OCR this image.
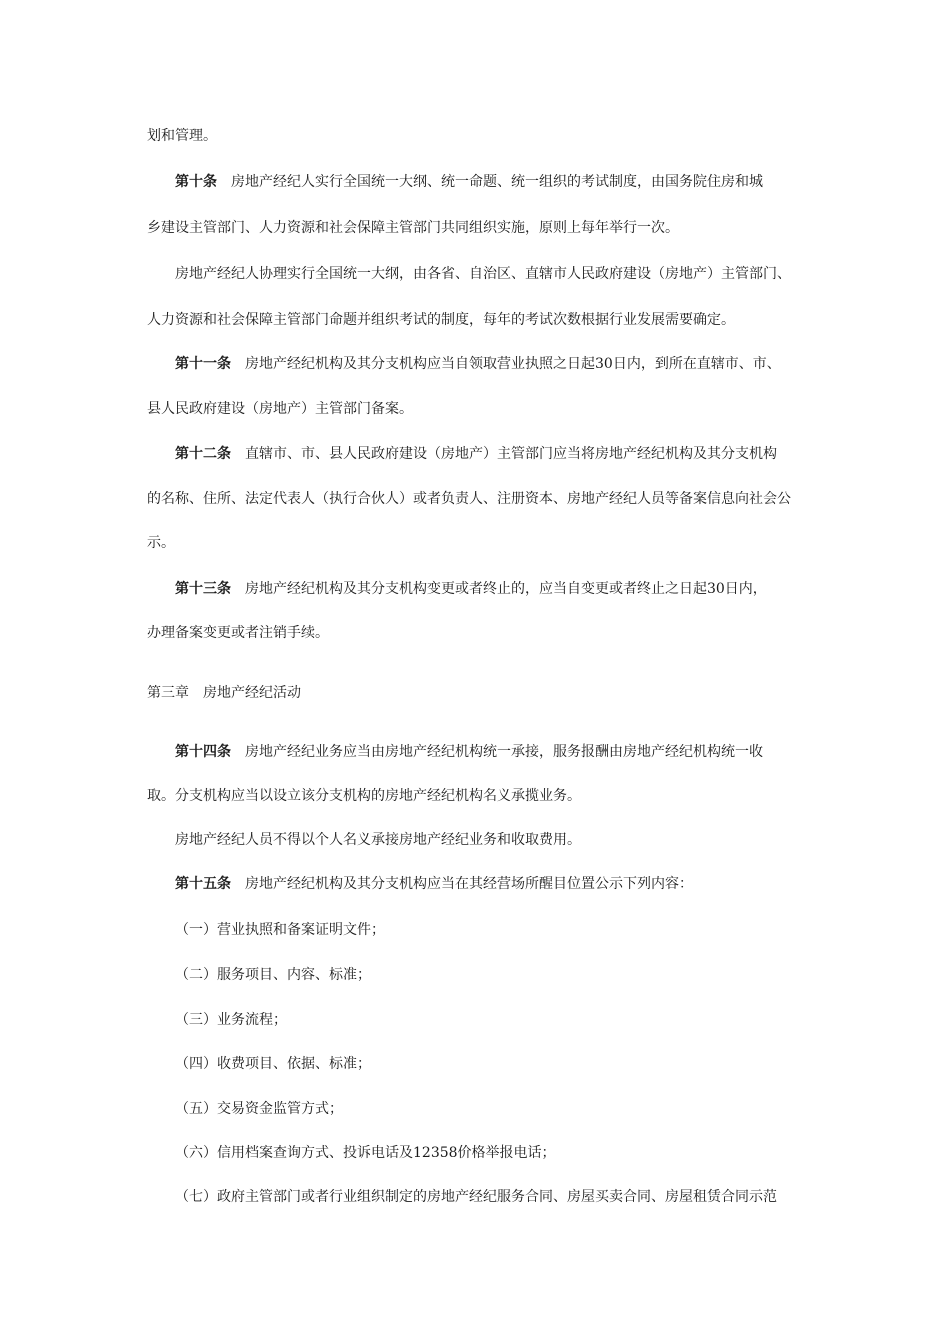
划和管理。
第十条 房地产经纪人实行全国统一大纲、统一命题、统一组织的考试制度，由国务院住房和城
乡建设主管部门、人力资源和社会保障主管部门共同组织实施，原则上每年举行一次。
房地产经纪人协理实行全国统一大纲，由各省、自治区、直辖市人民政府建设（房地产）主管部门、
人力资源和社会保障主管部门命题并组织考试的制度，每年的考试次数根据行业发展需要确定。
第十一条 房地产经纪机构及其分支机构应当自领取营业执照之日起30日内，到所在直辖市、市、
县人民政府建设（房地产）主管部门备案。
第十二条 直辖市、市、县人民政府建设（房地产）主管部门应当将房地产经纪机构及其分支机构
的名称、住所、法定代表人（执行合伙人）或者负责人、注册资本、房地产经纪人员等备案信息向社会公
示。
第十三条 房地产经纪机构及其分支机构变更或者终止的，应当自变更或者终止之日起30日内，
办理备案变更或者注销手续。
第三章　房地产经纪活动
第十四条 房地产经纪业务应当由房地产经纪机构统一承接，服务报酬由房地产经纪机构统一收
取。分支机构应当以设立该分支机构的房地产经纪机构名义承揽业务。
房地产经纪人员不得以个人名义承接房地产经纪业务和收取费用。
第十五条 房地产经纪机构及其分支机构应当在其经营场所醒目位置公示下列内容：
（一）营业执照和备案证明文件；
（二）服务项目、内容、标准；
（三）业务流程；
（四）收费项目、依据、标准；
（五）交易资金监管方式；
（六）信用档案查询方式、投诉电话及12358价格举报电话；
（七）政府主管部门或者行业组织制定的房地产经纪服务合同、房屋买卖合同、房屋租赁合同示范
